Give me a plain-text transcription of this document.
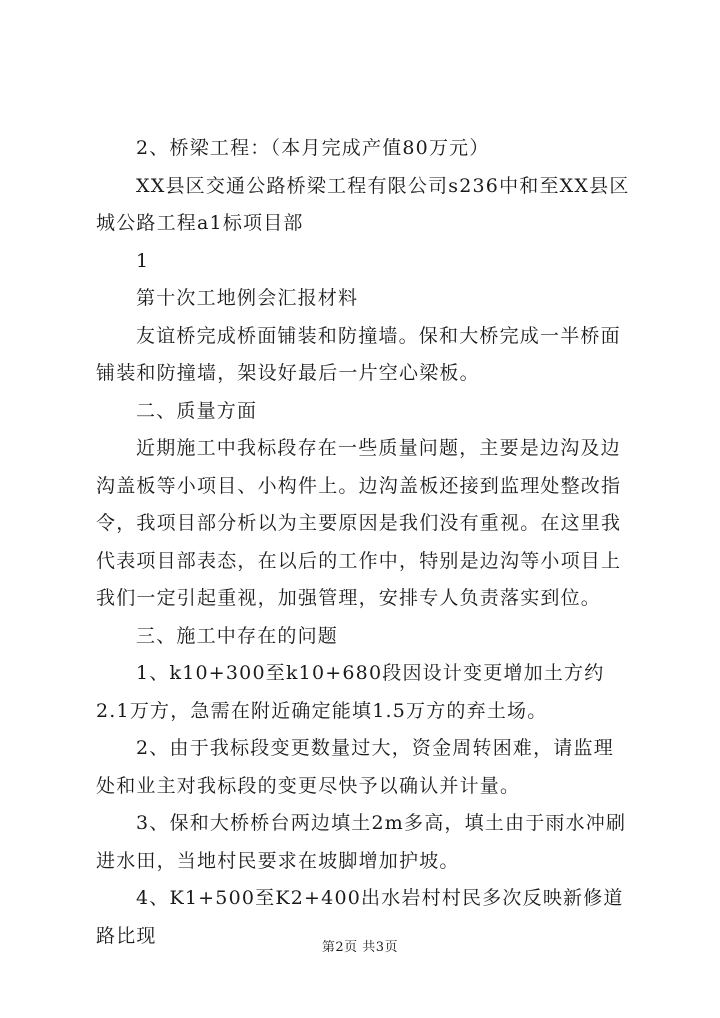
2、桥梁工程：（本月完成产值80万元）

XX县区交通公路桥梁工程有限公司s236中和至XX县区城公路工程a1标项目部

1

第十次工地例会汇报材料

友谊桥完成桥面铺装和防撞墙。保和大桥完成一半桥面铺装和防撞墙，架设好最后一片空心梁板。

二、质量方面

近期施工中我标段存在一些质量问题，主要是边沟及边沟盖板等小项目、小构件上。边沟盖板还接到监理处整改指令，我项目部分析以为主要原因是我们没有重视。在这里我代表项目部表态，在以后的工作中，特别是边沟等小项目上我们一定引起重视，加强管理，安排专人负责落实到位。

三、施工中存在的问题

1、k10+300至k10+680段因设计变更增加土方约2.1万方，急需在附近确定能填1.5万方的弃土场。

2、由于我标段变更数量过大，资金周转困难，请监理处和业主对我标段的变更尽快予以确认并计量。

3、保和大桥桥台两边填土2m多高，填土由于雨水冲刷进水田，当地村民要求在坡脚增加护坡。

4、K1+500至K2+400出水岩村村民多次反映新修道路比现

第2页 共3页
